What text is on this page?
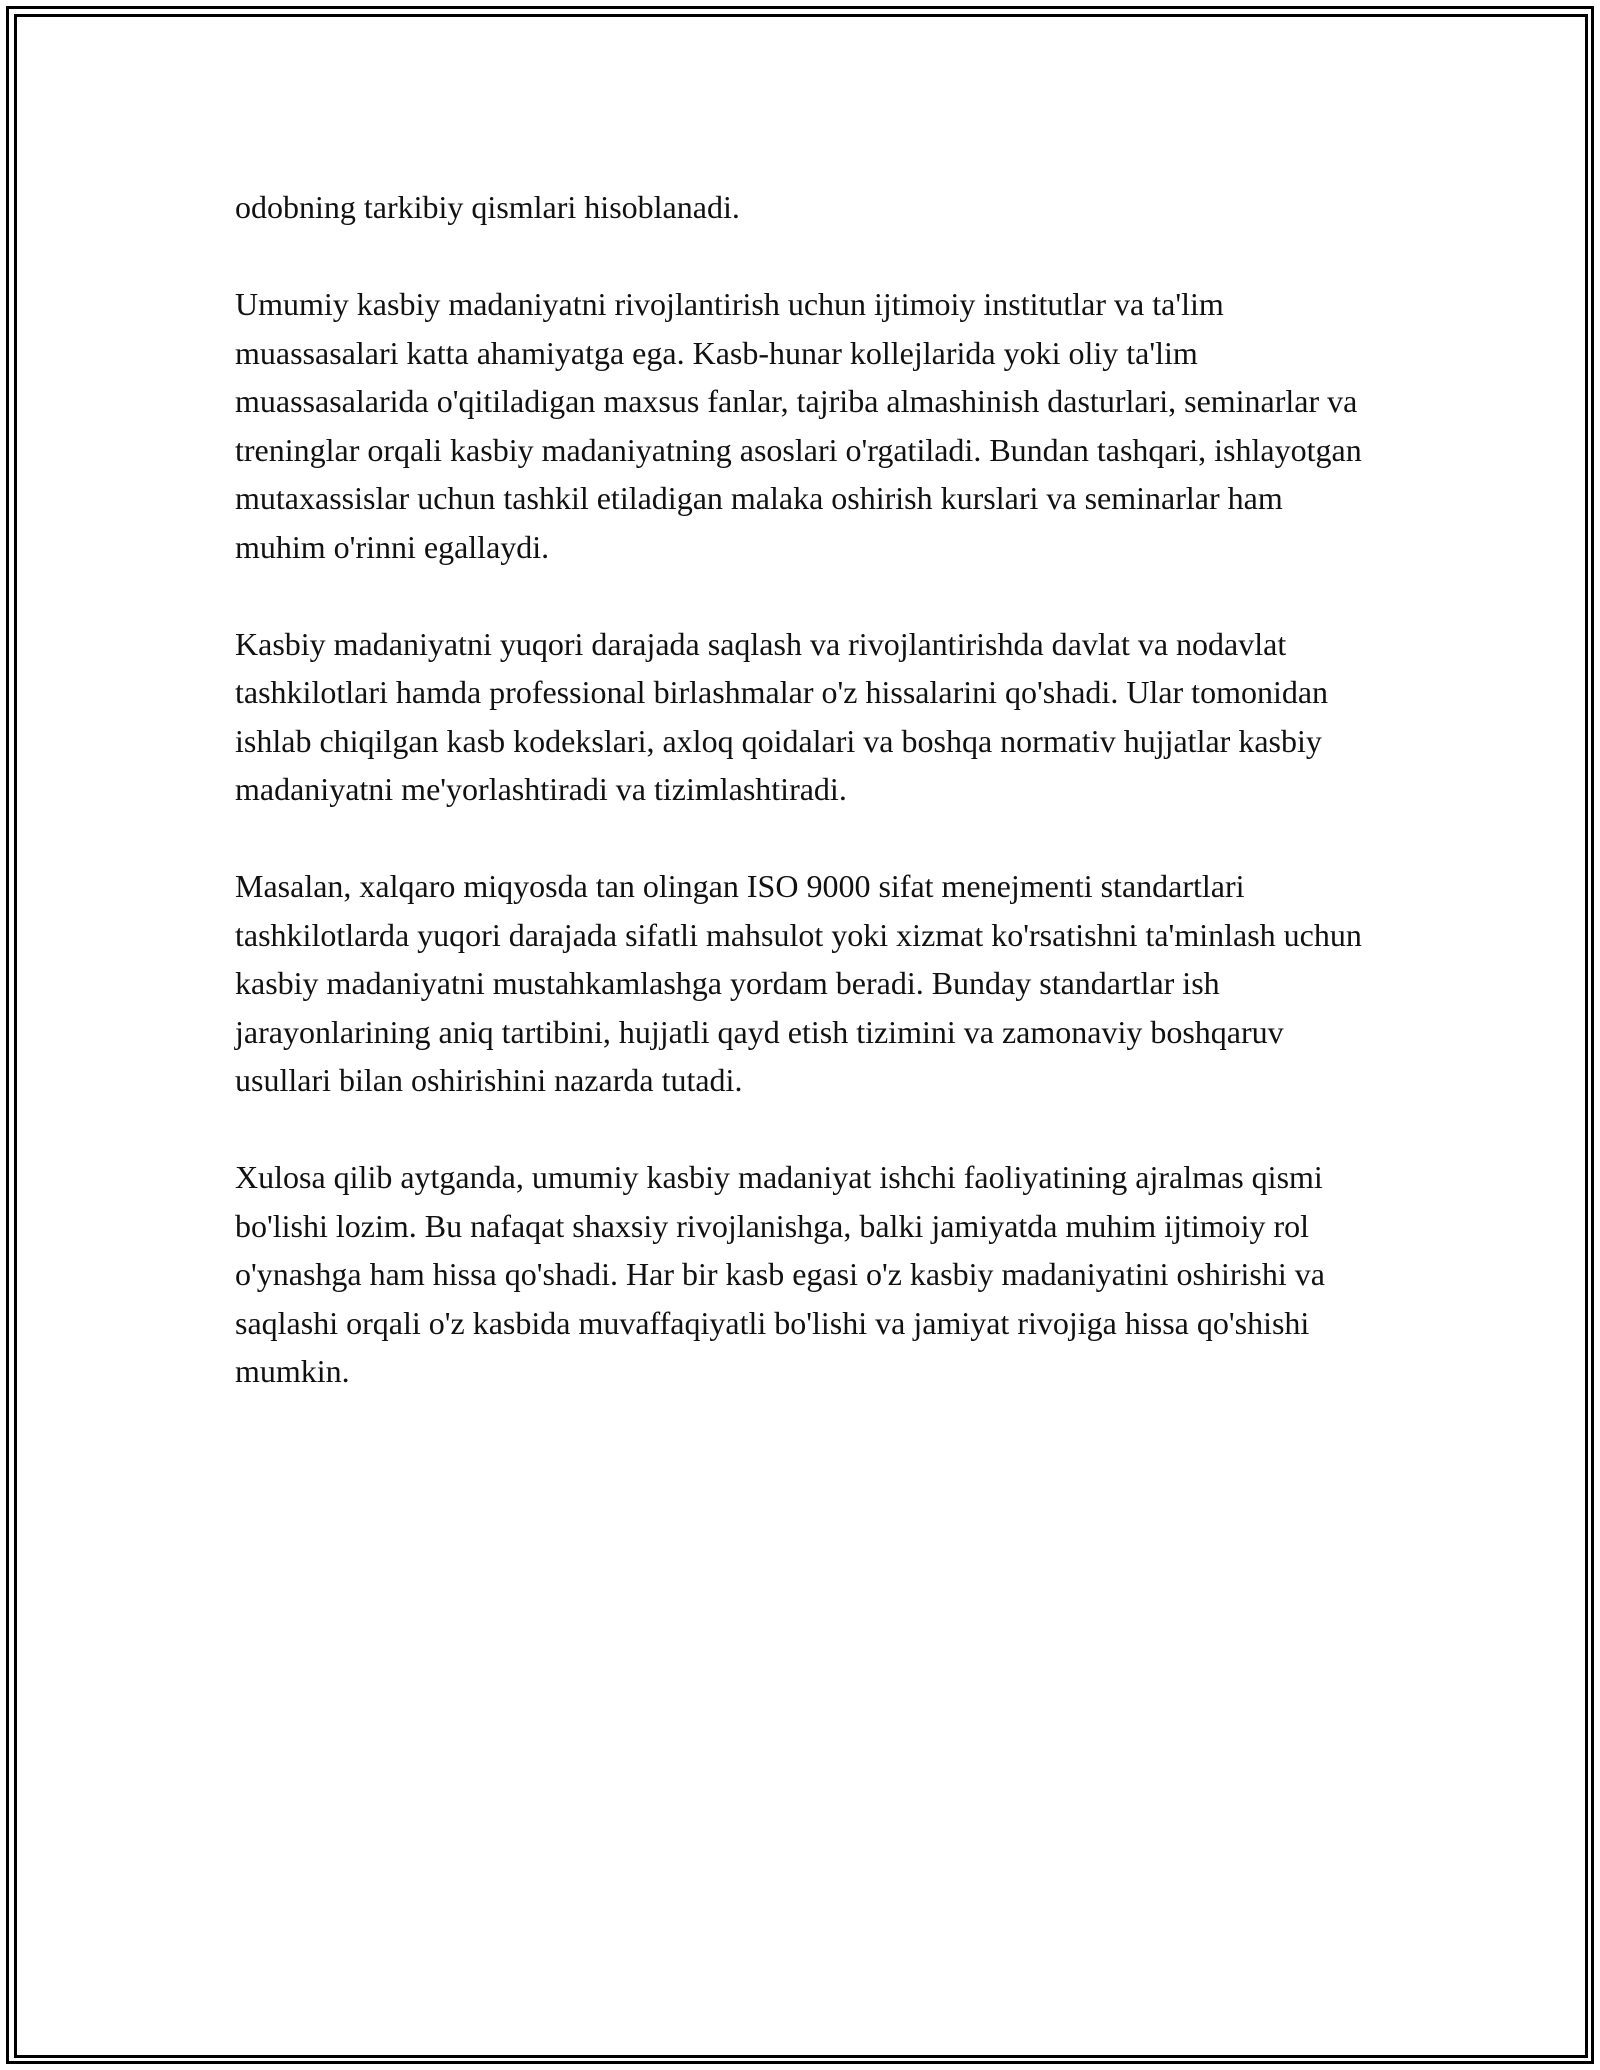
odobning tarkibiy qismlari hisoblanadi.

Umumiy kasbiy madaniyatni rivojlantirish uchun ijtimoiy institutlar va ta'lim muassasalari katta ahamiyatga ega. Kasb-hunar kollejlarida yoki oliy ta'lim muassasalarida o'qitiladigan maxsus fanlar, tajriba almashinish dasturlari, seminarlar va treninglar orqali kasbiy madaniyatning asoslari o'rgatiladi. Bundan tashqari, ishlayotgan mutaxassislar uchun tashkil etiladigan malaka oshirish kurslari va seminarlar ham muhim o'rinni egallaydi.

Kasbiy madaniyatni yuqori darajada saqlash va rivojlantirishda davlat va nodavlat tashkilotlari hamda professional birlashmalar o'z hissalarini qo'shadi. Ular tomonidan ishlab chiqilgan kasb kodekslari, axloq qoidalari va boshqa normativ hujjatlar kasbiy madaniyatni me'yorlashtiradi va tizimlashtiradi.

Masalan, xalqaro miqyosda tan olingan ISO 9000 sifat menejmenti standartlari tashkilotlarda yuqori darajada sifatli mahsulot yoki xizmat ko'rsatishni ta'minlash uchun kasbiy madaniyatni mustahkamlashga yordam beradi. Bunday standartlar ish jarayonlarining aniq tartibini, hujjatli qayd etish tizimini va zamonaviy boshqaruv usullari bilan oshirishini nazarda tutadi.

Xulosa qilib aytganda, umumiy kasbiy madaniyat ishchi faoliyatining ajralmas qismi bo'lishi lozim. Bu nafaqat shaxsiy rivojlanishga, balki jamiyatda muhim ijtimoiy rol o'ynashga ham hissa qo'shadi. Har bir kasb egasi o'z kasbiy madaniyatini oshirishi va saqlashi orqali o'z kasbida muvaffaqiyatli bo'lishi va jamiyat rivojiga hissa qo'shishi mumkin.
